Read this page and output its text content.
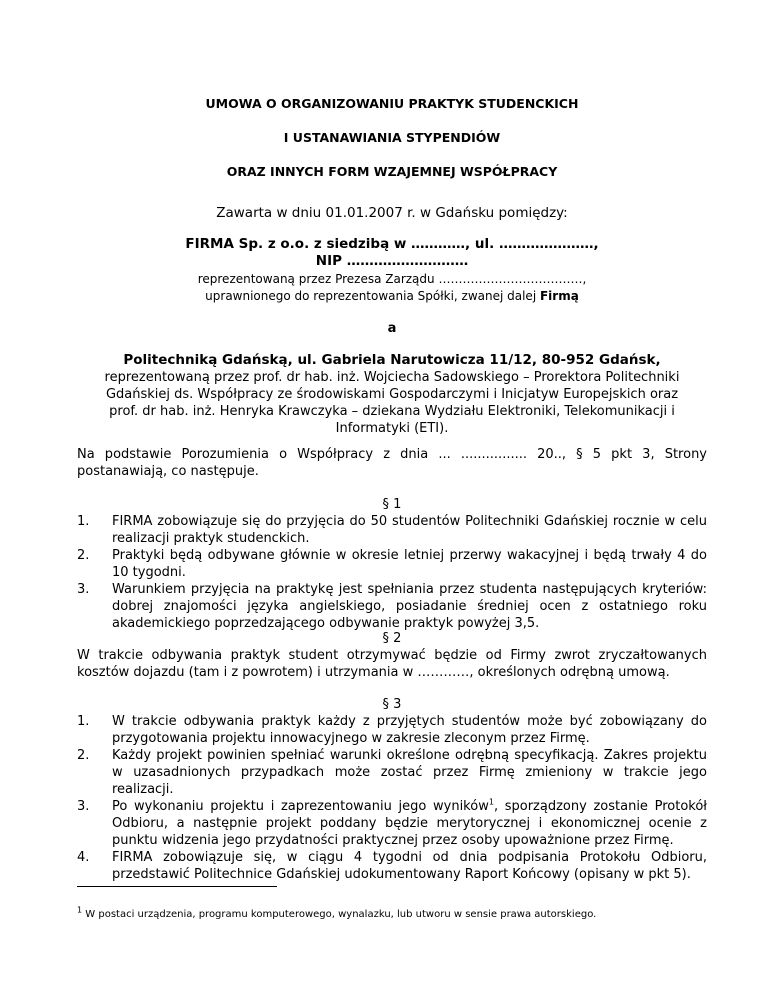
UMOWA O ORGANIZOWANIU PRAKTYK STUDENCKICH
I USTANAWIANIA STYPENDIÓW
ORAZ INNYCH FORM WZAJEMNEJ WSPÓŁPRACY
Zawarta w dniu 01.01.2007 r. w Gdańsku pomiędzy:
FIRMA Sp. z o.o. z siedzibą w …………, ul. …………………,
NIP ………………………
reprezentowaną przez Prezesa Zarządu ………………………………,
uprawnionego do reprezentowania Spółki, zwanej dalej Firmą
a
Politechniką Gdańską, ul. Gabriela Narutowicza 11/12, 80-952 Gdańsk,
reprezentowaną przez prof. dr hab. inż. Wojciecha Sadowskiego – Prorektora Politechniki Gdańskiej ds. Współpracy ze środowiskami Gospodarczymi i Inicjatyw Europejskich oraz prof. dr hab. inż. Henryka Krawczyka – dziekana Wydziału Elektroniki, Telekomunikacji i Informatyki (ETI).
Na podstawie Porozumienia o Współpracy z dnia ... ................ 20.., § 5 pkt 3, Strony postanawiają, co następuje.
§ 1
1. FIRMA zobowiązuje się do przyjęcia do 50 studentów Politechniki Gdańskiej rocznie w celu realizacji praktyk studenckich.
2. Praktyki będą odbywane głównie w okresie letniej przerwy wakacyjnej i będą trwały 4 do 10 tygodni.
3. Warunkiem przyjęcia na praktykę jest spełniania przez studenta następujących kryteriów: dobrej znajomości języka angielskiego, posiadanie średniej ocen z ostatniego roku akademickiego poprzedzającego odbywanie praktyk powyżej 3,5.
§ 2
W trakcie odbywania praktyk student otrzymywać będzie od Firmy zwrot zryczałtowanych kosztów dojazdu (tam i z powrotem) i utrzymania w …………, określonych odrębną umową.
§ 3
1. W trakcie odbywania praktyk każdy z przyjętych studentów może być zobowiązany do przygotowania projektu innowacyjnego w zakresie zleconym przez Firmę.
2. Każdy projekt powinien spełniać warunki określone odrębną specyfikacją. Zakres projektu w uzasadnionych przypadkach może zostać przez Firmę zmieniony w trakcie jego realizacji.
3. Po wykonaniu projektu i zaprezentowaniu jego wyników$^1$, sporządzony zostanie Protokół Odbioru, a następnie projekt poddany będzie merytorycznej i ekonomicznej ocenie z punktu widzenia jego przydatności praktycznej przez osoby upoważnione przez Firmę.
4. FIRMA zobowiązuje się, w ciągu 4 tygodni od dnia podpisania Protokołu Odbioru, przedstawić Politechnice Gdańskiej udokumentowany Raport Końcowy (opisany w pkt 5).
$^1$ W postaci urządzenia, programu komputerowego, wynalazku, lub utworu w sensie prawa autorskiego.
